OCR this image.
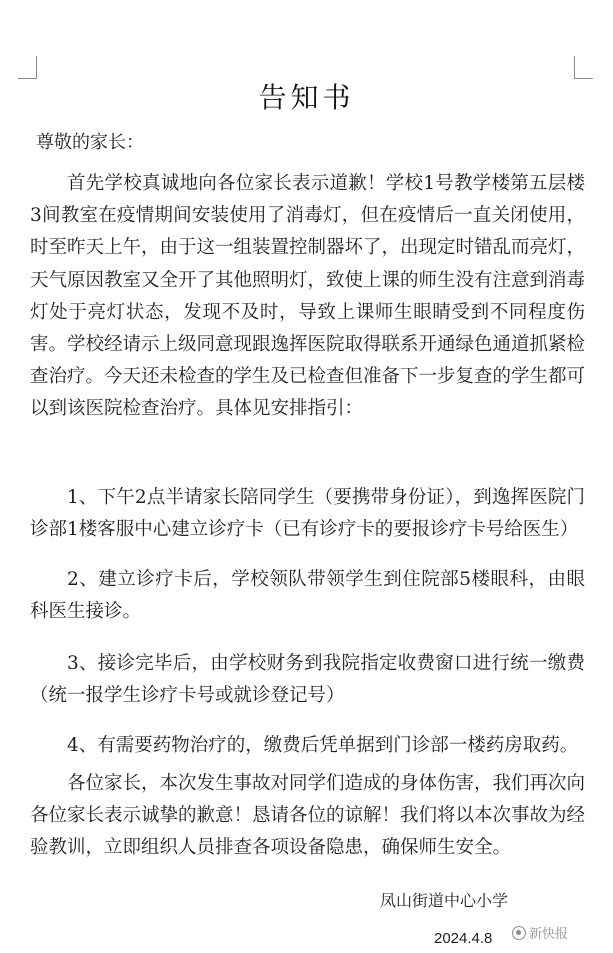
告知书
尊敬的家长：
首先学校真诚地向各位家长表示道歉！学校1号教学楼第五层楼3间教室在疫情期间安装使用了消毒灯，但在疫情后一直关闭使用，时至昨天上午，由于这一组装置控制器坏了，出现定时错乱而亮灯，天气原因教室又全开了其他照明灯，致使上课的师生没有注意到消毒灯处于亮灯状态，发现不及时，导致上课师生眼睛受到不同程度伤害。学校经请示上级同意现跟逸挥医院取得联系开通绿色通道抓紧检查治疗。今天还未检查的学生及已检查但准备下一步复查的学生都可以到该医院检查治疗。具体见安排指引：
1、下午2点半请家长陪同学生（要携带身份证），到逸挥医院门诊部1楼客服中心建立诊疗卡（已有诊疗卡的要报诊疗卡号给医生）
2、建立诊疗卡后，学校领队带领学生到住院部5楼眼科，由眼科医生接诊。
3、接诊完毕后，由学校财务到我院指定收费窗口进行统一缴费（统一报学生诊疗卡号或就诊登记号）
4、有需要药物治疗的，缴费后凭单据到门诊部一楼药房取药。
各位家长，本次发生事故对同学们造成的身体伤害，我们再次向各位家长表示诚挚的歉意！恳请各位的谅解！我们将以本次事故为经验教训，立即组织人员排查各项设备隐患，确保师生安全。
凤山街道中心小学
2024.4.8	新快报
